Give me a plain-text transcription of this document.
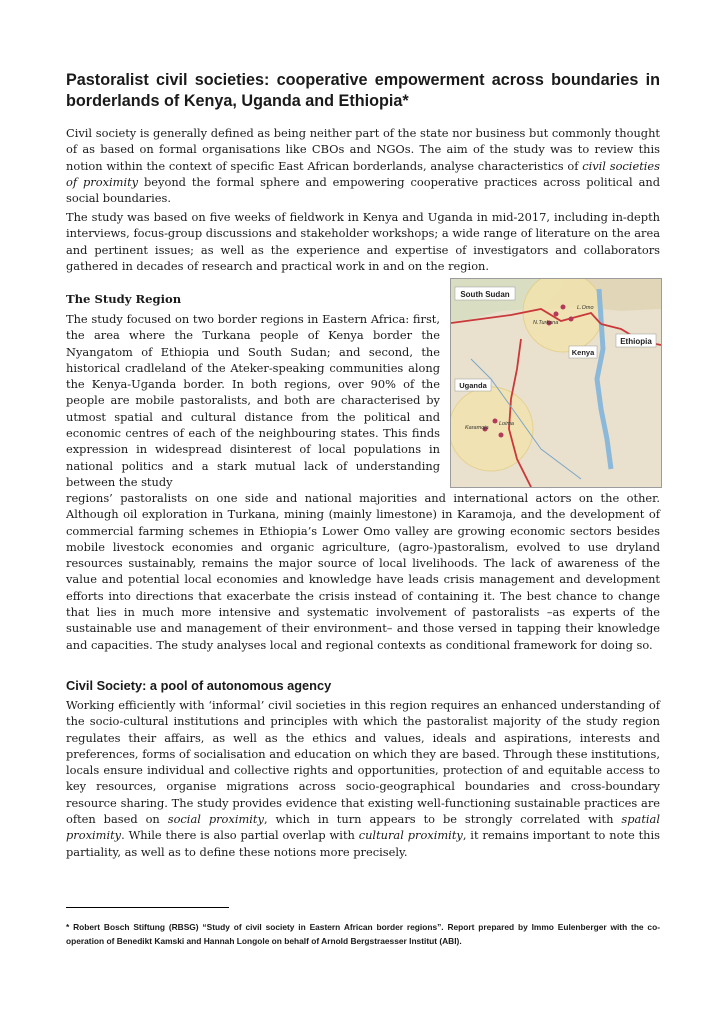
Pastoralist civil societies: cooperative empowerment across boundaries in borderlands of Kenya, Uganda and Ethiopia*

Civil society is generally defined as being neither part of the state nor business but commonly thought of as based on formal organisations like CBOs and NGOs. The aim of the study was to review this notion within the context of specific East African borderlands, analyse characteristics of civil societies of proximity beyond the formal sphere and empowering cooperative practices across political and social boundaries.

The study was based on five weeks of fieldwork in Kenya and Uganda in mid-2017, including in-depth interviews, focus-group discussions and stakeholder workshops; a wide range of literature on the area and pertinent issues; as well as the experience and expertise of investigators and collaborators gathered in decades of research and practical work in and on the region.

The Study Region

The study focused on two border regions in Eastern Africa: first, the area where the Turkana people of Kenya border the Nyangatom of Ethiopia und South Sudan; and second, the historical cradleland of the Ateker-speaking communities along the Kenya-Uganda border. In both regions, over 90% of the people are mobile pastoralists, and both are characterised by utmost spatial and cultural distance from the political and economic centres of each of the neighbouring states. This finds expression in widespread disinterest of local populations in national politics and a stark mutual lack of understanding between the study

South Sudan
Ethiopia
Kenya
Uganda
N.Turkana
L.Omo
Karamoja
Loima

regions’ pastoralists on one side and national majorities and international actors on the other. Although oil exploration in Turkana, mining (mainly limestone) in Karamoja, and the development of commercial farming schemes in Ethiopia’s Lower Omo valley are growing economic sectors besides mobile livestock economies and organic agriculture, (agro-)pastoralism, evolved to use dryland resources sustainably, remains the major source of local livelihoods. The lack of awareness of the value and potential local economies and knowledge have leads crisis management and development efforts into directions that exacerbate the crisis instead of containing it. The best chance to change that lies in much more intensive and systematic involvement of pastoralists –as experts of the sustainable use and management of their environment– and those versed in tapping their knowledge and capacities. The study analyses local and regional contexts as conditional framework for doing so.

Civil Society: a pool of autonomous agency

Working efficiently with ‘informal’ civil societies in this region requires an enhanced understanding of the socio-cultural institutions and principles with which the pastoralist majority of the study region regulates their affairs, as well as the ethics and values, ideals and aspirations, interests and preferences, forms of socialisation and education on which they are based. Through these institutions, locals ensure individual and collective rights and opportunities, protection of and equitable access to key resources, organise migrations across socio-geographical boundaries and cross-boundary resource sharing. The study provides evidence that existing well-functioning sustainable practices are often based on social proximity, which in turn appears to be strongly correlated with spatial proximity. While there is also partial overlap with cultural proximity, it remains important to note this partiality, as well as to define these notions more precisely.

* Robert Bosch Stiftung (RBSG) “Study of civil society in Eastern African border regions”. Report prepared by Immo Eulenberger with the co-operation of Benedikt Kamski and Hannah Longole on behalf of Arnold Bergstraesser Institut (ABI).
